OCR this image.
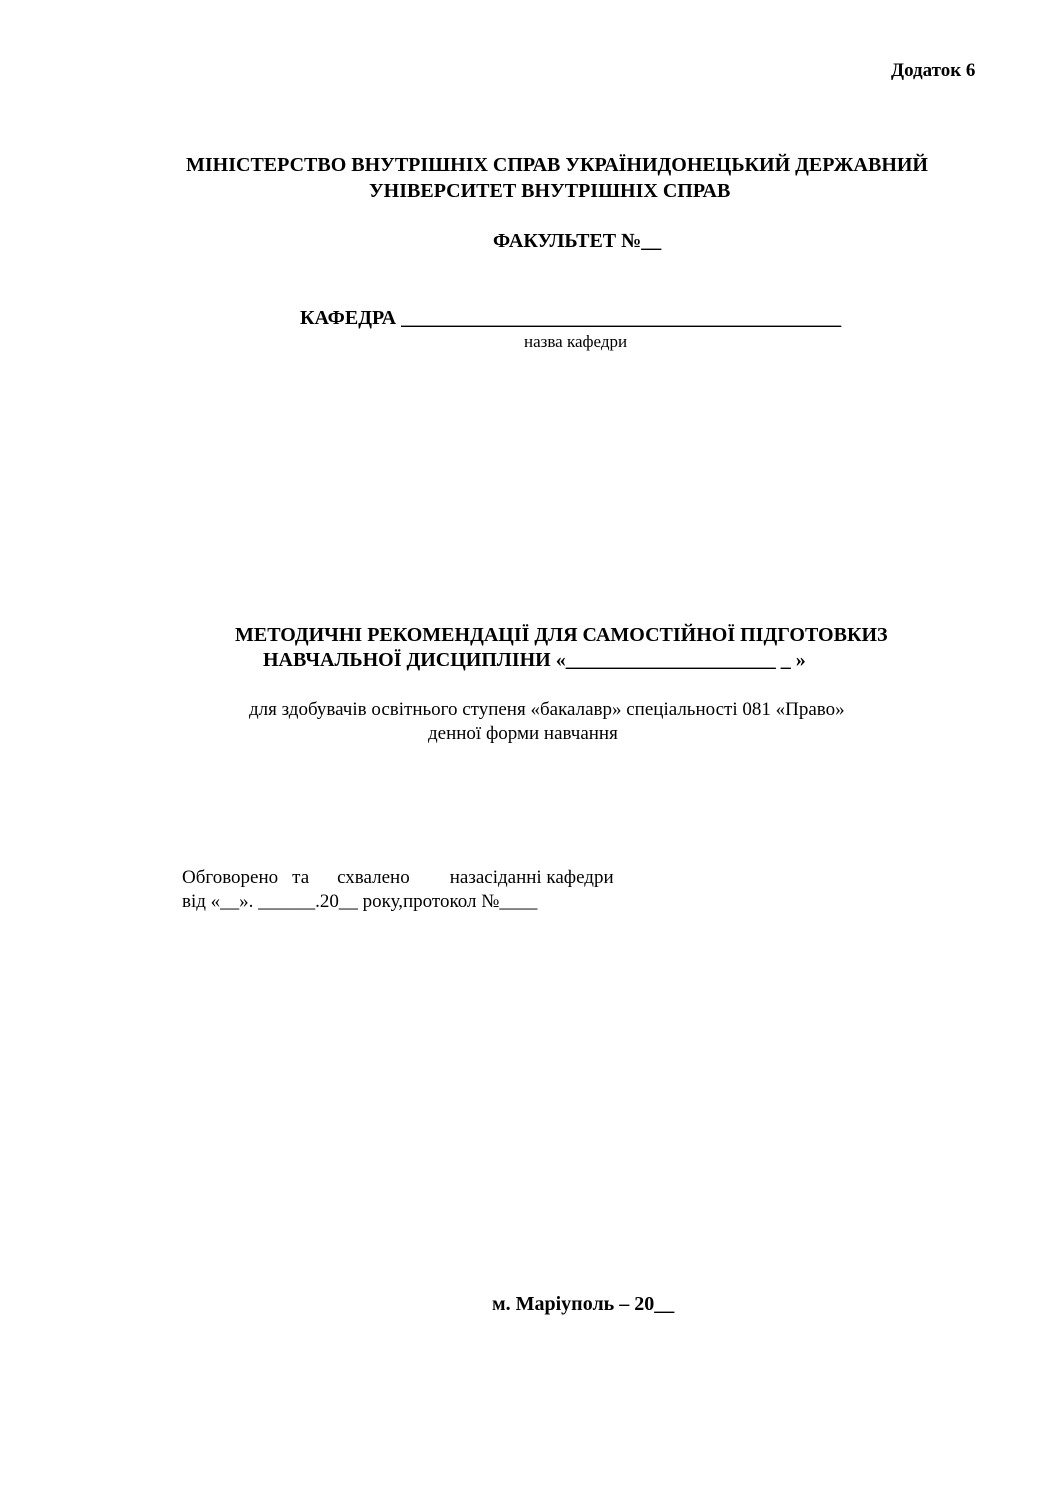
Додаток 6
МІНІСТЕРСТВО ВНУТРІШНІХ СПРАВ УКРАЇНИДОНЕЦЬКИЙ ДЕРЖАВНИЙ
УНІВЕРСИТЕТ ВНУТРІШНІХ СПРАВ
ФАКУЛЬТЕТ №__
КАФЕДРА ____________________________________________
назва кафедри
МЕТОДИЧНІ РЕКОМЕНДАЦІЇ ДЛЯ САМОСТІЙНОЇ ПІДГОТОВКИЗ
НАВЧАЛЬНОЇ ДИСЦИПЛІНИ «_____________________ _ »
для здобувачів освітнього ступеня «бакалавр» спеціальності 081 «Право»
денної форми навчання
Обговорено та схвалено назасіданні кафедри
від «__». ______.20__ року,протокол №____
м. Маріуполь – 20__
